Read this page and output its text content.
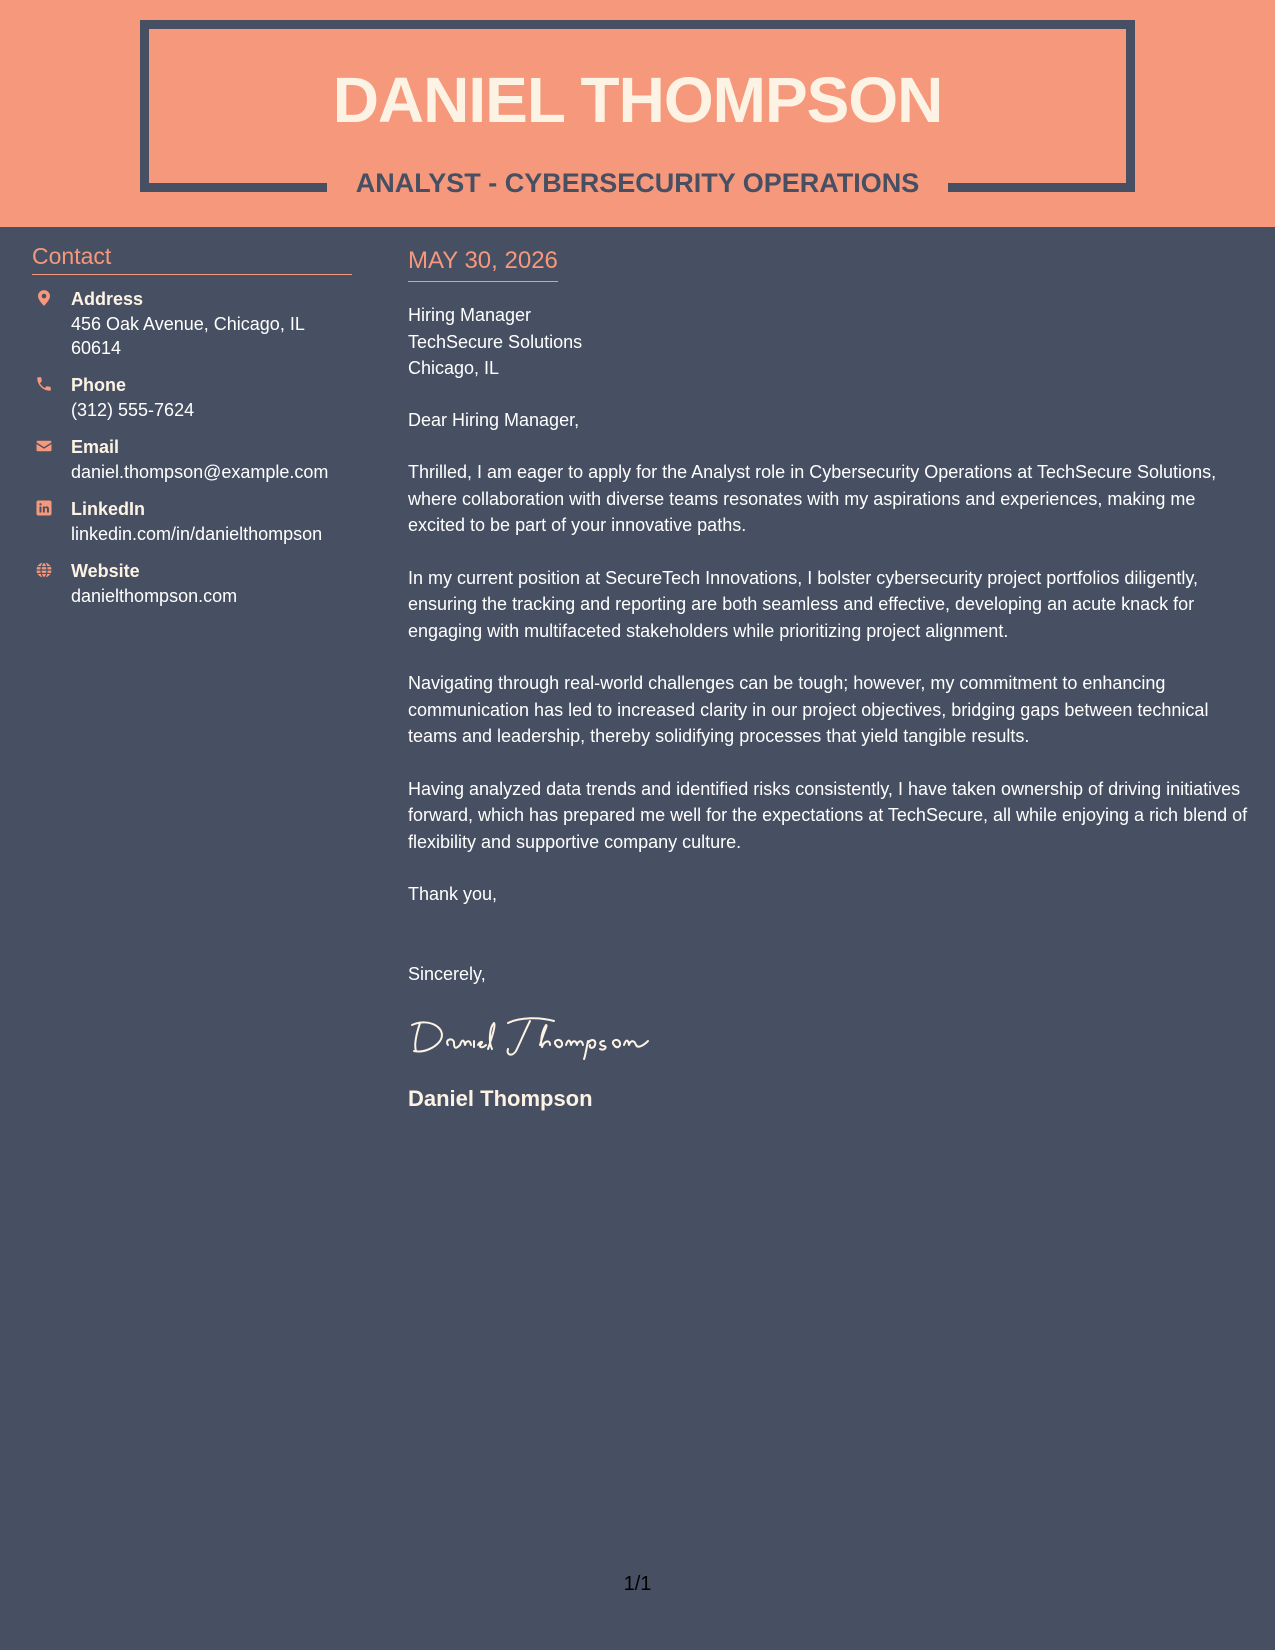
DANIEL THOMPSON
ANALYST - CYBERSECURITY OPERATIONS
Contact
Address
456 Oak Avenue, Chicago, IL 60614
Phone
(312) 555-7624
Email
daniel.thompson@example.com
LinkedIn
linkedin.com/in/danielthompson
Website
danielthompson.com
MAY 30, 2026
Hiring Manager
TechSecure Solutions
Chicago, IL
Dear Hiring Manager,
Thrilled, I am eager to apply for the Analyst role in Cybersecurity Operations at TechSecure Solutions, where collaboration with diverse teams resonates with my aspirations and experiences, making me excited to be part of your innovative paths.
In my current position at SecureTech Innovations, I bolster cybersecurity project portfolios diligently, ensuring the tracking and reporting are both seamless and effective, developing an acute knack for engaging with multifaceted stakeholders while prioritizing project alignment.
Navigating through real-world challenges can be tough; however, my commitment to enhancing communication has led to increased clarity in our project objectives, bridging gaps between technical teams and leadership, thereby solidifying processes that yield tangible results.
Having analyzed data trends and identified risks consistently, I have taken ownership of driving initiatives forward, which has prepared me well for the expectations at TechSecure, all while enjoying a rich blend of flexibility and supportive company culture.
Thank you,
Sincerely,
Daniel Thompson
1/1
